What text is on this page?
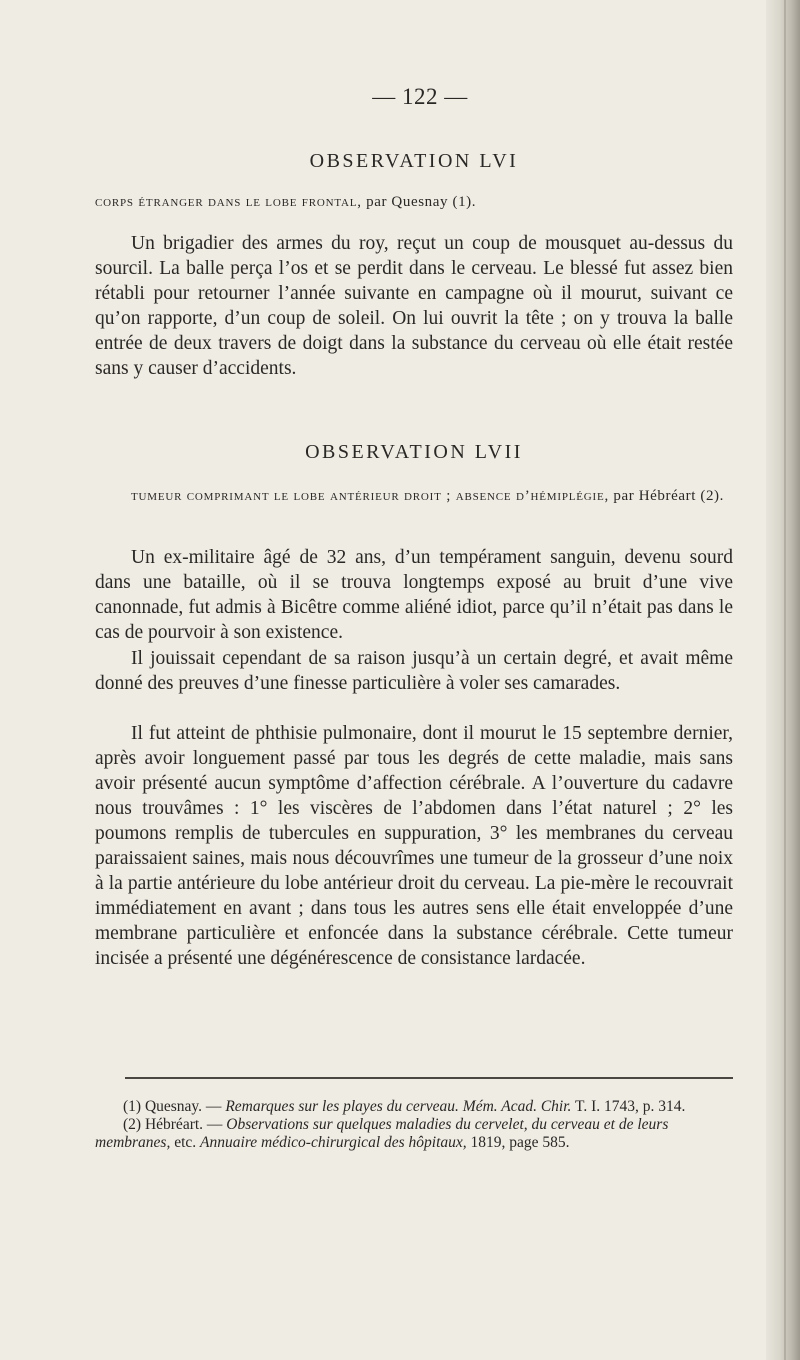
— 122 —
OBSERVATION LVI
corps étranger dans le lobe frontal, par Quesnay (1).

Un brigadier des armes du roy, reçut un coup de mousquet au-dessus du sourcil. La balle perça l’os et se perdit dans le cerveau. Le blessé fut assez bien rétabli pour retourner l’année suivante en campagne où il mourut, suivant ce qu’on rapporte, d’un coup de soleil. On lui ouvrit la tête ; on y trouva la balle entrée de deux travers de doigt dans la substance du cerveau où elle était restée sans y causer d’accidents.

OBSERVATION LVII
tumeur comprimant le lobe antérieur droit ; absence d’hémiplégie, par Hébréart (2).

Un ex-militaire âgé de 32 ans, d’un tempérament sanguin, devenu sourd dans une bataille, où il se trouva longtemps exposé au bruit d’une vive canonnade, fut admis à Bicêtre comme aliéné idiot, parce qu’il n’était pas dans le cas de pourvoir à son existence.

Il jouissait cependant de sa raison jusqu’à un certain degré, et avait même donné des preuves d’une finesse particulière à voler ses camarades.

Il fut atteint de phthisie pulmonaire, dont il mourut le 15 septembre dernier, après avoir longuement passé par tous les degrés de cette maladie, mais sans avoir présenté aucun symptôme d’affection cérébrale. A l’ouverture du cadavre nous trouvâmes : 1° les viscères de l’abdomen dans l’état naturel ; 2° les poumons remplis de tubercules en suppuration, 3° les membranes du cerveau paraissaient saines, mais nous découvrîmes une tumeur de la grosseur d’une noix à la partie antérieure du lobe antérieur droit du cerveau. La pie-mère le recouvrait immédiatement en avant ; dans tous les autres sens elle était enveloppée d’une membrane particulière et enfoncée dans la substance cérébrale. Cette tumeur incisée a présenté une dégénérescence de consistance lardacée.

(1) Quesnay. — Remarques sur les playes du cerveau. Mém. Acad. Chir. T. I. 1743, p. 314.

(2) Hébréart. — Observations sur quelques maladies du cervelet, du cerveau et de leurs membranes, etc. Annuaire médico-chirurgical des hôpitaux, 1819, page 585.
